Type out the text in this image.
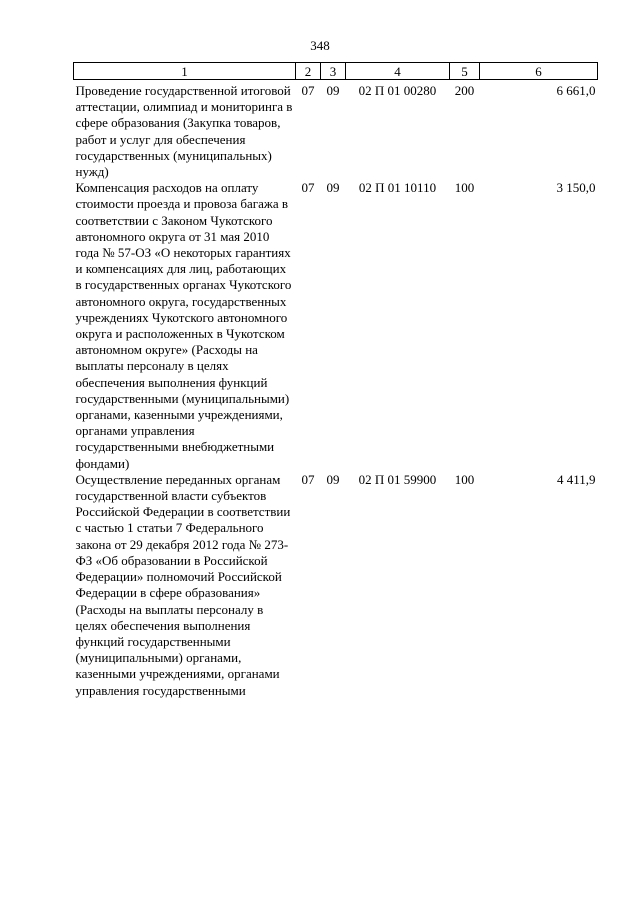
348
1	2	3	4	5	6

Проведение государственной итоговой аттестации, олимпиад и мониторинга в сфере образования (Закупка товаров, работ и услуг для обеспечения государственных (муниципальных) нужд)	07	09	02 П 01 00280	200	6 661,0
Компенсация расходов на оплату стоимости проезда и провоза багажа в соответствии с Законом Чукотского автономного округа от 31 мая 2010 года № 57-ОЗ «О некоторых гарантиях и компенсациях для лиц, работающих в государственных органах Чукотского автономного округа, государственных учреждениях Чукотского автономного округа и расположенных в Чукотском автономном округе» (Расходы на выплаты персоналу в целях обеспечения выполнения функций государственными (муниципальными) органами, казенными учреждениями, органами управления государственными внебюджетными фондами)	07	09	02 П 01 10110	100	3 150,0
Осуществление переданных органам государственной власти субъектов Российской Федерации в соответствии с частью 1 статьи 7 Федерального закона от 29 декабря 2012 года № 273-ФЗ «Об образовании в Российской Федерации» полномочий Российской Федерации в сфере образования» (Расходы на выплаты персоналу в целях обеспечения выполнения функций государственными (муниципальными) органами, казенными учреждениями, органами управления государственными	07	09	02 П 01 59900	100	4 411,9
